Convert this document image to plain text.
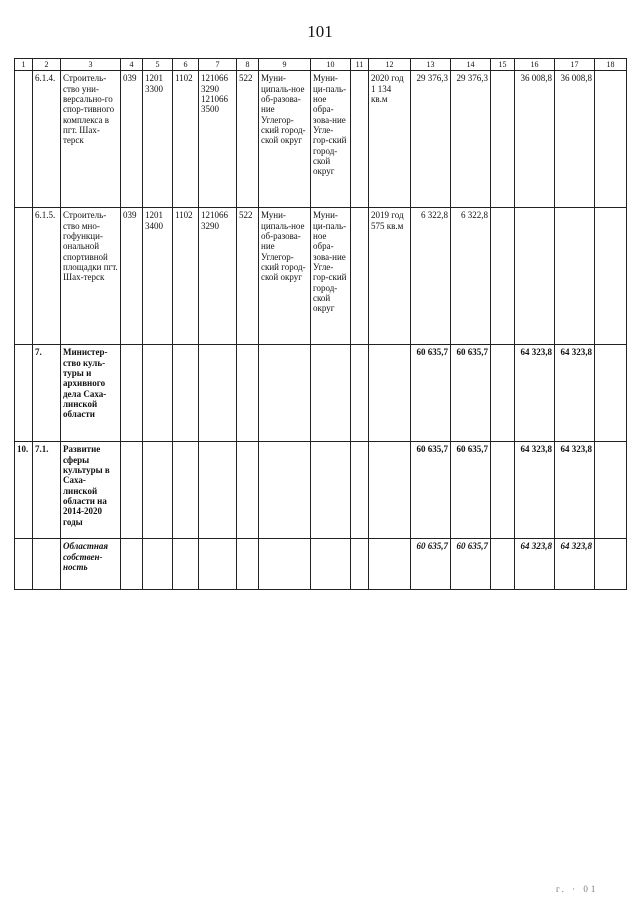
101
1	2	3	4	5	6	7	8	9	10	11	12	13	14	15	16	17	18
	6.1.4.	Строитель-ство уни-версально-го спор-тивного комплекса в пгт. Шах-терск	039	1201 3300	1102	121066 3290 121066 3500	522	Муни-ципаль-ное об-разова-ние Углегор-ский город-ской округ	Муни-ци-паль-ное обра-зова-ние Угле-гор-ский город-ской округ		2020 год 1 134 кв.м	29 376,3	29 376,3		36 008,8	36 008,8	
	6.1.5.	Строитель-ство мно-гофункци-ональной спортивной площадки пгт. Шах-терск	039	1201 3400	1102	121066 3290	522	Муни-ципаль-ное об-разова-ние Углегор-ский город-ской округ	Муни-ци-паль-ное обра-зова-ние Угле-гор-ский город-ской округ		2019 год 575 кв.м	6 322,8	6 322,8				
	7.	Министер-ство куль-туры и архивного дела Саха-линской области										60 635,7	60 635,7		64 323,8	64 323,8	
10.	7.1.	Развитие сферы культуры в Саха-линской области на 2014-2020 годы										60 635,7	60 635,7		64 323,8	64 323,8	
		Областная собствен-ность										60 635,7	60 635,7		64 323,8	64 323,8	
г. · 01
